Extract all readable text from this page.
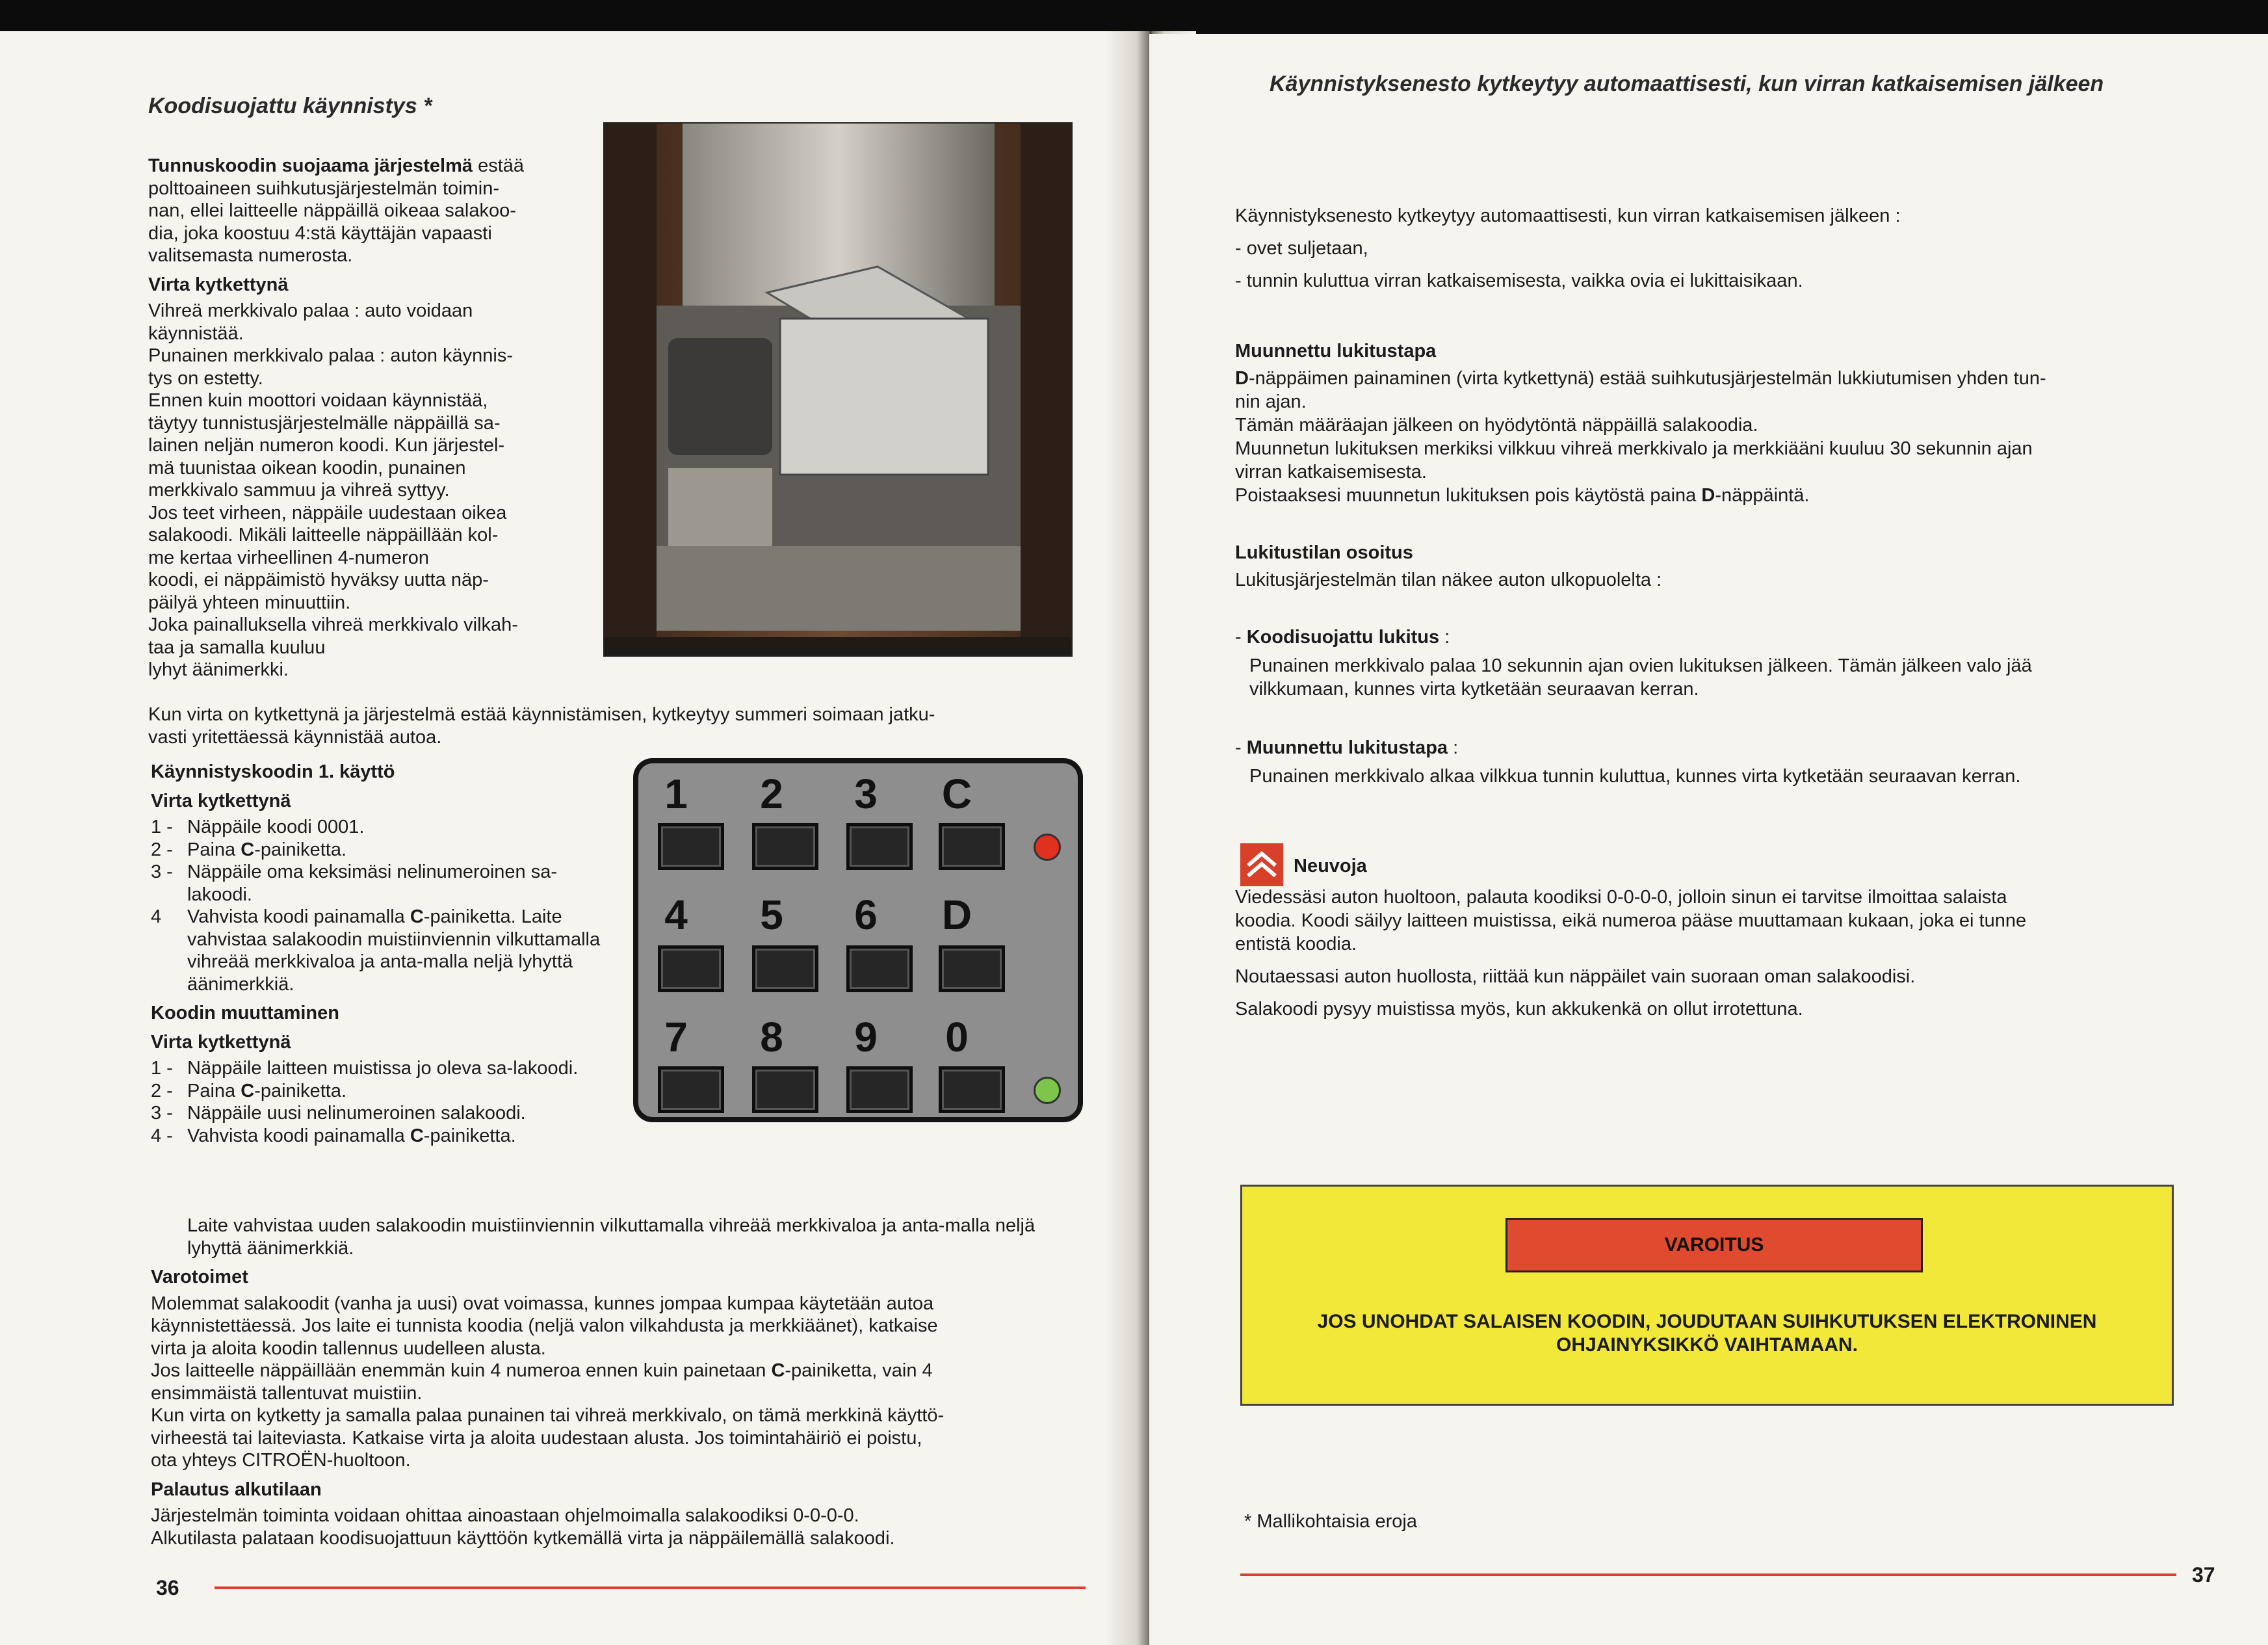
Koodisuojattu käynnistys *

Tunnuskoodin suojaama järjestelmä estää
polttoaineen suihkutusjärjestelmän toimin-
nan, ellei laitteelle näppäillä oikeaa salakoo-
dia, joka koostuu 4:stä käyttäjän vapaasti
valitsemasta numerosta.

Virta kytkettynä

Vihreä merkkivalo palaa : auto voidaan
käynnistää.
Punainen merkkivalo palaa : auton käynnis-
tys on estetty.
Ennen kuin moottori voidaan käynnistää,
täytyy tunnistusjärjestelmälle näppäillä sa-
lainen neljän numeron koodi. Kun järjestel-
mä tuunistaa oikean koodin, punainen
merkkivalo sammuu ja vihreä syttyy.
Jos teet virheen, näppäile uudestaan oikea
salakoodi. Mikäli laitteelle näppäillään kol-
me kertaa virheellinen 4-numeron
koodi, ei näppäimistö hyväksy uutta näp-
päilyä yhteen minuuttiin.
Joka painalluksella vihreä merkkivalo vilkah-
taa ja samalla kuuluu
lyhyt äänimerkki.

Kun virta on kytkettynä ja järjestelmä estää käynnistämisen, kytkeytyy summeri soimaan jatku-
vasti yritettäessä käynnistää autoa.

1	2	3	C
4	5	6	D
7	8	9	0
Käynnistyskoodin 1. käyttö
Virta kytkettynä
1 - Näppäile koodi 0001.
2 - Paina C-painiketta.
3 - Näppäile oma keksimäsi nelinumeroinen sa-lakoodi.
4 Vahvista koodi painamalla C-painiketta. Laite vahvistaa salakoodin muistiinviennin vilkuttamalla vihreää merkkivaloa ja anta-malla neljä lyhyttä äänimerkkiä.
Koodin muuttaminen
Virta kytkettynä
1 - Näppäile laitteen muistissa jo oleva sa-lakoodi.
2 - Paina C-painiketta.
3 - Näppäile uusi nelinumeroinen salakoodi.
4 - Vahvista koodi painamalla C-painiketta.

Laite vahvistaa uuden salakoodin muistiinviennin vilkuttamalla vihreää merkkivaloa ja anta-malla neljä lyhyttä äänimerkkiä.

Varotoimet

Molemmat salakoodit (vanha ja uusi) ovat voimassa, kunnes jompaa kumpaa käytetään autoa
käynnistettäessä. Jos laite ei tunnista koodia (neljä valon vilkahdusta ja merkkiäänet), katkaise
virta ja aloita koodin tallennus uudelleen alusta.
Jos laitteelle näppäillään enemmän kuin 4 numeroa ennen kuin painetaan C-painiketta, vain 4
ensimmäistä tallentuvat muistiin.
Kun virta on kytketty ja samalla palaa punainen tai vihreä merkkivalo, on tämä merkkinä käyttö-
virheestä tai laiteviasta. Katkaise virta ja aloita uudestaan alusta. Jos toimintahäiriö ei poistu,
ota yhteys CITROËN-huoltoon.

Palautus alkutilaan

Järjestelmän toiminta voidaan ohittaa ainoastaan ohjelmoimalla salakoodiksi 0-0-0-0.
Alkutilasta palataan koodisuojattuun käyttöön kytkemällä virta ja näppäilemällä salakoodi.

36
Käynnistyksenesto kytkeytyy automaattisesti, kun virran katkaisemisen jälkeen

Käynnistyksenesto kytkeytyy automaattisesti, kun virran katkaisemisen jälkeen :

- ovet suljetaan,

- tunnin kuluttua virran katkaisemisesta, vaikka ovia ei lukittaisikaan.

Muunnettu lukitustapa

D-näppäimen painaminen (virta kytkettynä) estää suihkutusjärjestelmän lukkiutumisen yhden tun-
nin ajan.
Tämän määräajan jälkeen on hyödytöntä näppäillä salakoodia.
Muunnetun lukituksen merkiksi vilkkuu vihreä merkkivalo ja merkkiääni kuuluu 30 sekunnin ajan
virran katkaisemisesta.
Poistaaksesi muunnetun lukituksen pois käytöstä paina D-näppäintä.

Lukitustilan osoitus

Lukitusjärjestelmän tilan näkee auton ulkopuolelta :

- Koodisuojattu lukitus :

Punainen merkkivalo palaa 10 sekunnin ajan ovien lukituksen jälkeen. Tämän jälkeen valo jää
vilkkumaan, kunnes virta kytketään seuraavan kerran.

- Muunnettu lukitustapa :

Punainen merkkivalo alkaa vilkkua tunnin kuluttua, kunnes virta kytketään seuraavan kerran.

Neuvoja

Viedessäsi auton huoltoon, palauta koodiksi 0-0-0-0, jolloin sinun ei tarvitse ilmoittaa salaista
koodia. Koodi säilyy laitteen muistissa, eikä numeroa pääse muuttamaan kukaan, joka ei tunne
entistä koodia.

Noutaessasi auton huollosta, riittää kun näppäilet vain suoraan oman salakoodisi.

Salakoodi pysyy muistissa myös, kun akkukenkä on ollut irrotettuna.

VAROITUS
JOS UNOHDAT SALAISEN KOODIN, JOUDUTAAN SUIHKUTUKSEN ELEKTRONINEN
OHJAINYKSIKKÖ VAIHTAMAAN.
* Mallikohtaisia eroja
37
